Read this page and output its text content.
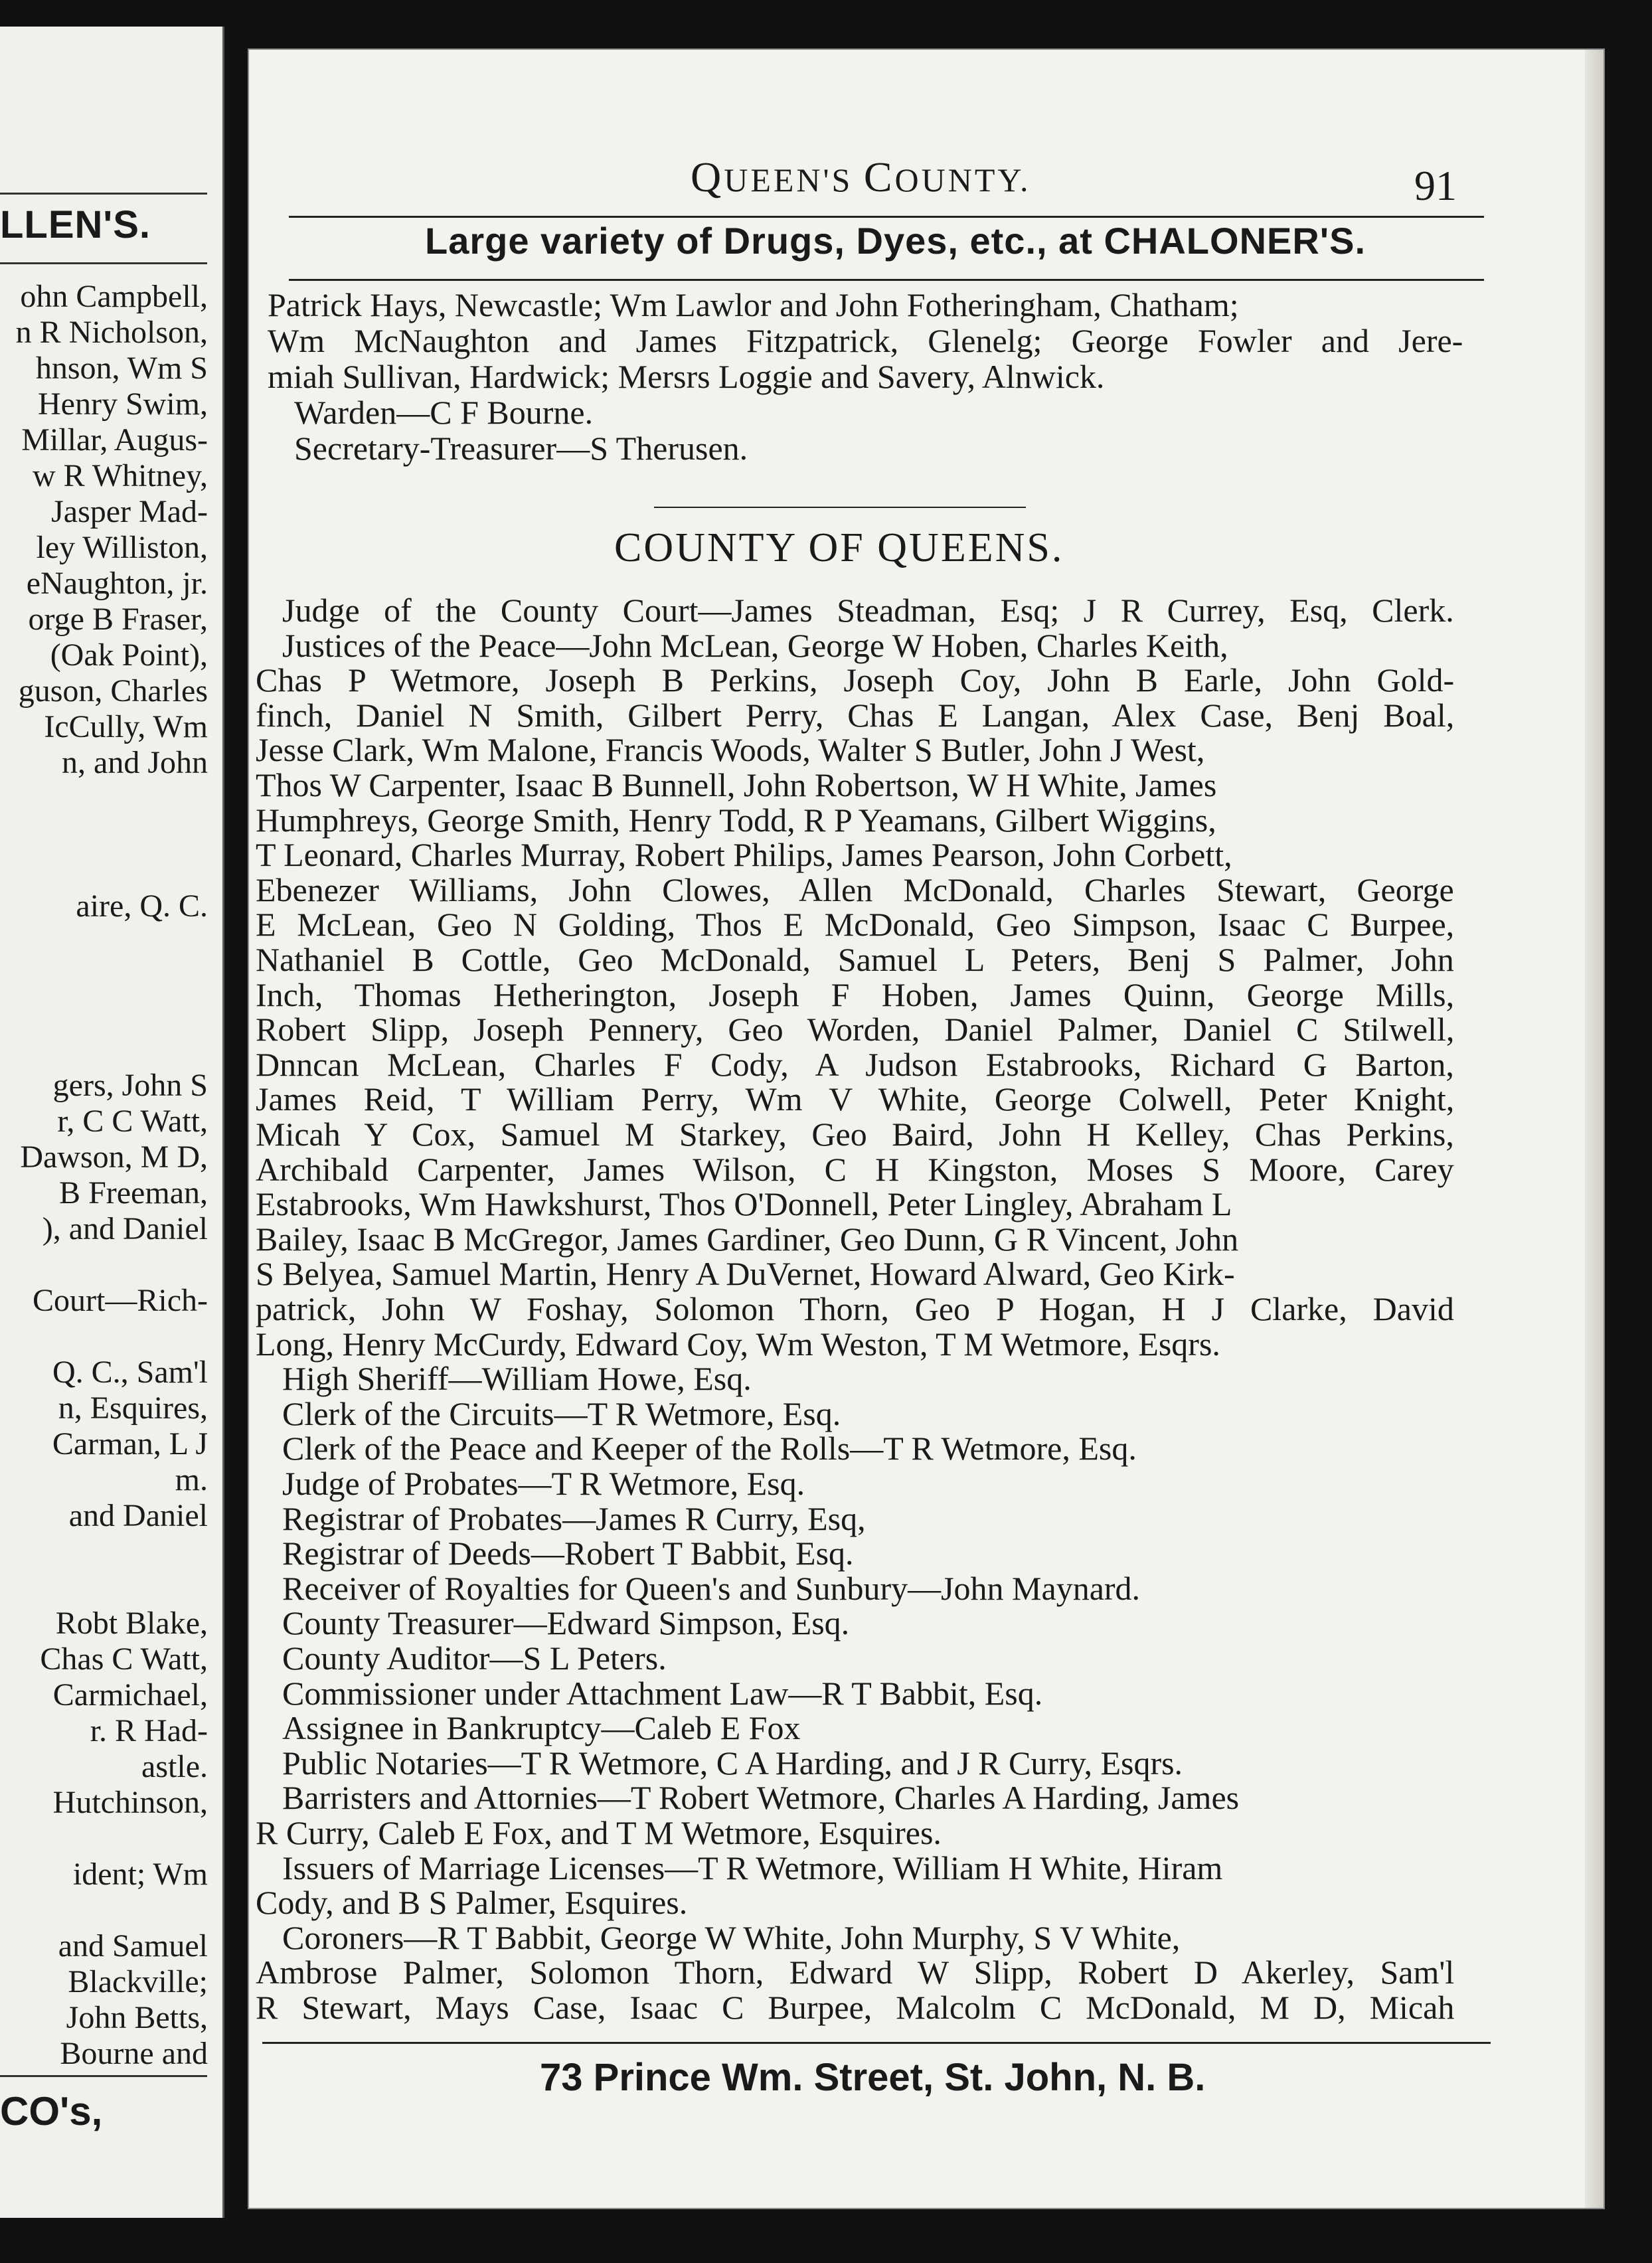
LLEN'S.
ohn Campbell,
n R Nicholson,
hnson, Wm S
Henry Swim,
Millar, Augus-
w R Whitney,
Jasper Mad-
ley Williston,
eNaughton, jr.
orge B Fraser,
(Oak Point),
guson, Charles
IcCully, Wm
n, and John
aire, Q. C.
gers, John S
r, C C Watt,
Dawson, M D,
B Freeman,
), and Daniel
Court—Rich-
Q. C., Sam'l
n, Esquires,
Carman, L J
m.
and Daniel
Robt Blake,
Chas C Watt,
Carmichael,
r. R Had-
astle.
Hutchinson,
ident; Wm
and Samuel
Blackville;
John Betts,
Bourne and
CO's,
QUEEN'S COUNTY.	91
Large variety of Drugs, Dyes, etc., at CHALONER'S.
Patrick Hays, Newcastle; Wm Lawlor and John Fotheringham, Chatham;
Wm McNaughton and James Fitzpatrick, Glenelg; George Fowler and Jere-
miah Sullivan, Hardwick; Mersrs Loggie and Savery, Alnwick.
Warden—C F Bourne.
Secretary-Treasurer—S Therusen.
COUNTY OF QUEENS.
Judge of the County Court—James Steadman, Esq; J R Currey, Esq, Clerk.
Justices of the Peace—John McLean, George W Hoben, Charles Keith,
Chas P Wetmore, Joseph B Perkins, Joseph Coy, John B Earle, John Gold-
finch, Daniel N Smith, Gilbert Perry, Chas E Langan, Alex Case, Benj Boal,
Jesse Clark, Wm Malone, Francis Woods, Walter S Butler, John J West,
Thos W Carpenter, Isaac B Bunnell, John Robertson, W H White, James
Humphreys, George Smith, Henry Todd, R P Yeamans, Gilbert Wiggins,
T Leonard, Charles Murray, Robert Philips, James Pearson, John Corbett,
Ebenezer Williams, John Clowes, Allen McDonald, Charles Stewart, George
E McLean, Geo N Golding, Thos E McDonald, Geo Simpson, Isaac C Burpee,
Nathaniel B Cottle, Geo McDonald, Samuel L Peters, Benj S Palmer, John
Inch, Thomas Hetherington, Joseph F Hoben, James Quinn, George Mills,
Robert Slipp, Joseph Pennery, Geo Worden, Daniel Palmer, Daniel C Stilwell,
Dnncan McLean, Charles F Cody, A Judson Estabrooks, Richard G Barton,
James Reid, T William Perry, Wm V White, George Colwell, Peter Knight,
Micah Y Cox, Samuel M Starkey, Geo Baird, John H Kelley, Chas Perkins,
Archibald Carpenter, James Wilson, C H Kingston, Moses S Moore, Carey
Estabrooks, Wm Hawkshurst, Thos O'Donnell, Peter Lingley, Abraham L
Bailey, Isaac B McGregor, James Gardiner, Geo Dunn, G R Vincent, John
S Belyea, Samuel Martin, Henry A DuVernet, Howard Alward, Geo Kirk-
patrick, John W Foshay, Solomon Thorn, Geo P Hogan, H J Clarke, David
Long, Henry McCurdy, Edward Coy, Wm Weston, T M Wetmore, Esqrs.
High Sheriff—William Howe, Esq.
Clerk of the Circuits—T R Wetmore, Esq.
Clerk of the Peace and Keeper of the Rolls—T R Wetmore, Esq.
Judge of Probates—T R Wetmore, Esq.
Registrar of Probates—James R Curry, Esq,
Registrar of Deeds—Robert T Babbit, Esq.
Receiver of Royalties for Queen's and Sunbury—John Maynard.
County Treasurer—Edward Simpson, Esq.
County Auditor—S L Peters.
Commissioner under Attachment Law—R T Babbit, Esq.
Assignee in Bankruptcy—Caleb E Fox
Public Notaries—T R Wetmore, C A Harding, and J R Curry, Esqrs.
Barristers and Attornies—T Robert Wetmore, Charles A Harding, James
R Curry, Caleb E Fox, and T M Wetmore, Esquires.
Issuers of Marriage Licenses—T R Wetmore, William H White, Hiram
Cody, and B S Palmer, Esquires.
Coroners—R T Babbit, George W White, John Murphy, S V White,
Ambrose Palmer, Solomon Thorn, Edward W Slipp, Robert D Akerley, Sam'l
R Stewart, Mays Case, Isaac C Burpee, Malcolm C McDonald, M D, Micah
73 Prince Wm. Street, St. John, N. B.
